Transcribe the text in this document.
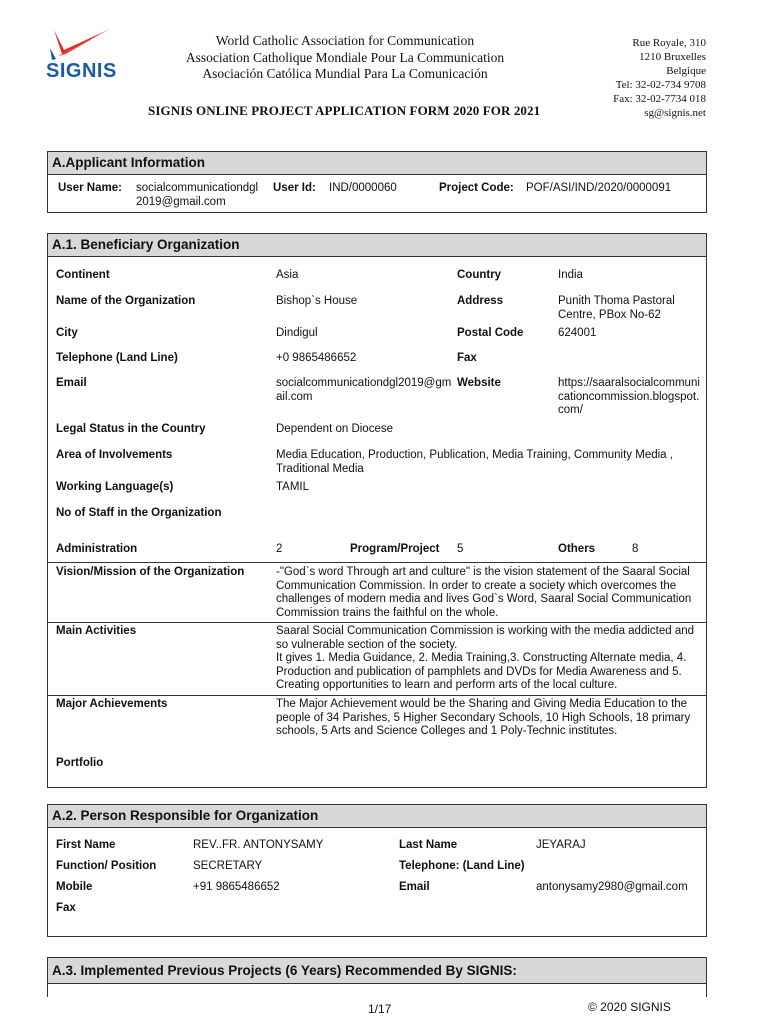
SIGNIS
World Catholic Association for Communication
Association Catholique Mondiale Pour La Communication
Asociación Católica Mundial Para La Comunicación
Rue Royale, 310
1210 Bruxelles
Belgique
Tel: 32-02-734 9708
Fax: 32-02-7734 018
sg@signis.net
SIGNIS ONLINE PROJECT APPLICATION FORM 2020 FOR 2021
A.Applicant Information
User Name: socialcommunicationdgl 2019@gmail.com
User Id: IND/0000060	Project Code: POF/ASI/IND/2020/0000091
A.1. Beneficiary Organization
Continent	Asia	Country	India
Name of the Organization	Bishop`s House	Address	Punith Thoma Pastoral Centre, PBox No-62
City	Dindigul	Postal Code	624001
Telephone (Land Line)	+0 9865486652	Fax
Email	socialcommunicationdgl2019@gmail.com
Website	https://saaralsocialcommunicationcommission.blogspot.com/
Legal Status in the Country	Dependent on Diocese
Area of Involvements	Media Education, Production, Publication, Media Training, Community Media , Traditional Media
Working Language(s)	TAMIL
No of Staff in the Organization
Administration	2	Program/Project 5	Others	8
Vision/Mission of the Organization	-"God`s word Through art and culture" is the vision statement of the Saaral Social Communication Commission. In order to create a society which overcomes the challenges of modern media and lives God`s Word, Saaral Social Communication Commission trains the faithful on the whole.
Main Activities	Saaral Social Communication Commission is working with the media addicted and so vulnerable section of the society.
It gives 1. Media Guidance, 2. Media Training,3. Constructing Alternate media, 4. Production and publication of pamphlets and DVDs for Media Awareness and 5. Creating opportunities to learn and perform arts of the local culture.
Major Achievements	The Major Achievement would be the Sharing and Giving Media Education to the people of 34 Parishes, 5 Higher Secondary Schools, 10 High Schools, 18 primary schools, 5 Arts and Science Colleges and 1 Poly-Technic institutes.
Portfolio
A.2. Person Responsible for Organization
First Name	REV..FR. ANTONYSAMY	Last Name	JEYARAJ
Function/ Position	SECRETARY	Telephone: (Land Line)
Mobile	+91 9865486652	Email	antonysamy2980@gmail.com
Fax
A.3. Implemented Previous Projects (6 Years) Recommended By SIGNIS:
1/17	© 2020 SIGNIS
